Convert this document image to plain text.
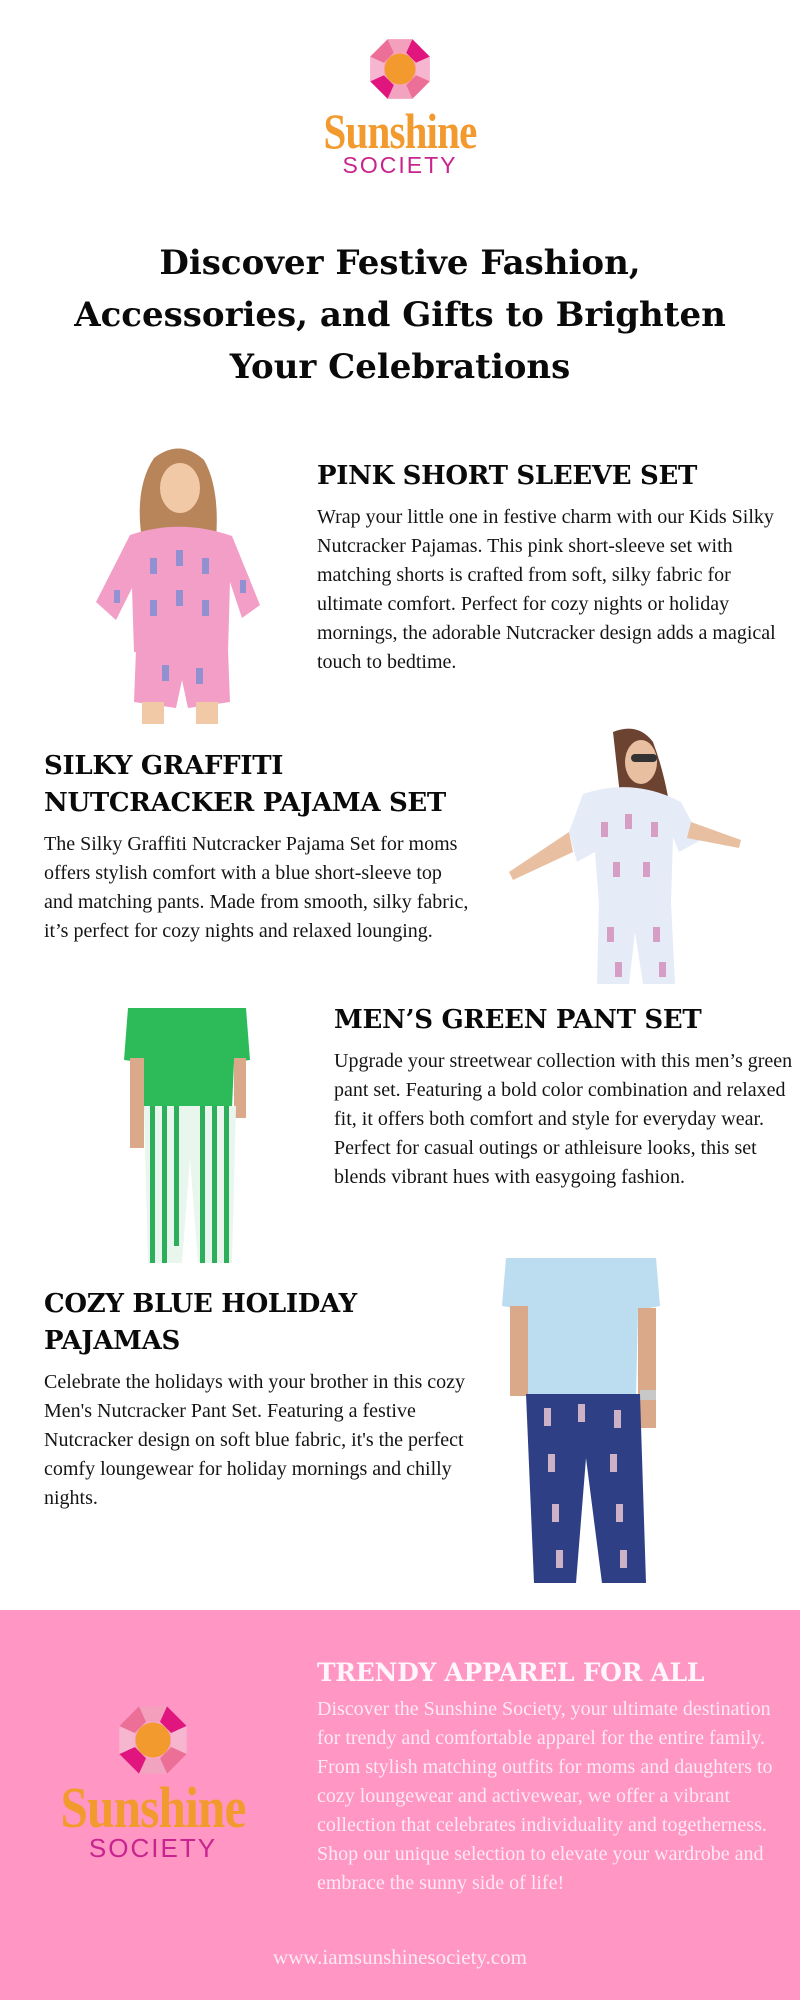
Sunshine
SOCIETY
Discover Festive Fashion, Accessories, and Gifts to Brighten Your Celebrations
PINK SHORT SLEEVE SET

Wrap your little one in festive charm with our Kids Silky Nutcracker Pajamas. This pink short-sleeve set with matching shorts is crafted from soft, silky fabric for ultimate comfort. Perfect for cozy nights or holiday mornings, the adorable Nutcracker design adds a magical touch to bedtime.

SILKY GRAFFITI NUTCRACKER PAJAMA SET

The Silky Graffiti Nutcracker Pajama Set for moms offers stylish comfort with a blue short-sleeve top and matching pants. Made from smooth, silky fabric, it’s perfect for cozy nights and relaxed lounging.

MEN’S GREEN PANT SET

Upgrade your streetwear collection with this men’s green pant set. Featuring a bold color combination and relaxed fit, it offers both comfort and style for everyday wear. Perfect for casual outings or athleisure looks, this set blends vibrant hues with easygoing fashion.

COZY BLUE HOLIDAY PAJAMAS

Celebrate the holidays with your brother in this cozy Men's Nutcracker Pant Set. Featuring a festive Nutcracker design on soft blue fabric, it's the perfect comfy loungewear for holiday mornings and chilly nights.

Sunshine
SOCIETY
TRENDY APPAREL FOR ALL

Discover the Sunshine Society, your ultimate destination for trendy and comfortable apparel for the entire family. From stylish matching outfits for moms and daughters to cozy loungewear and activewear, we offer a vibrant collection that celebrates individuality and togetherness. Shop our unique selection to elevate your wardrobe and embrace the sunny side of life!

www.iamsunshinesociety.com
